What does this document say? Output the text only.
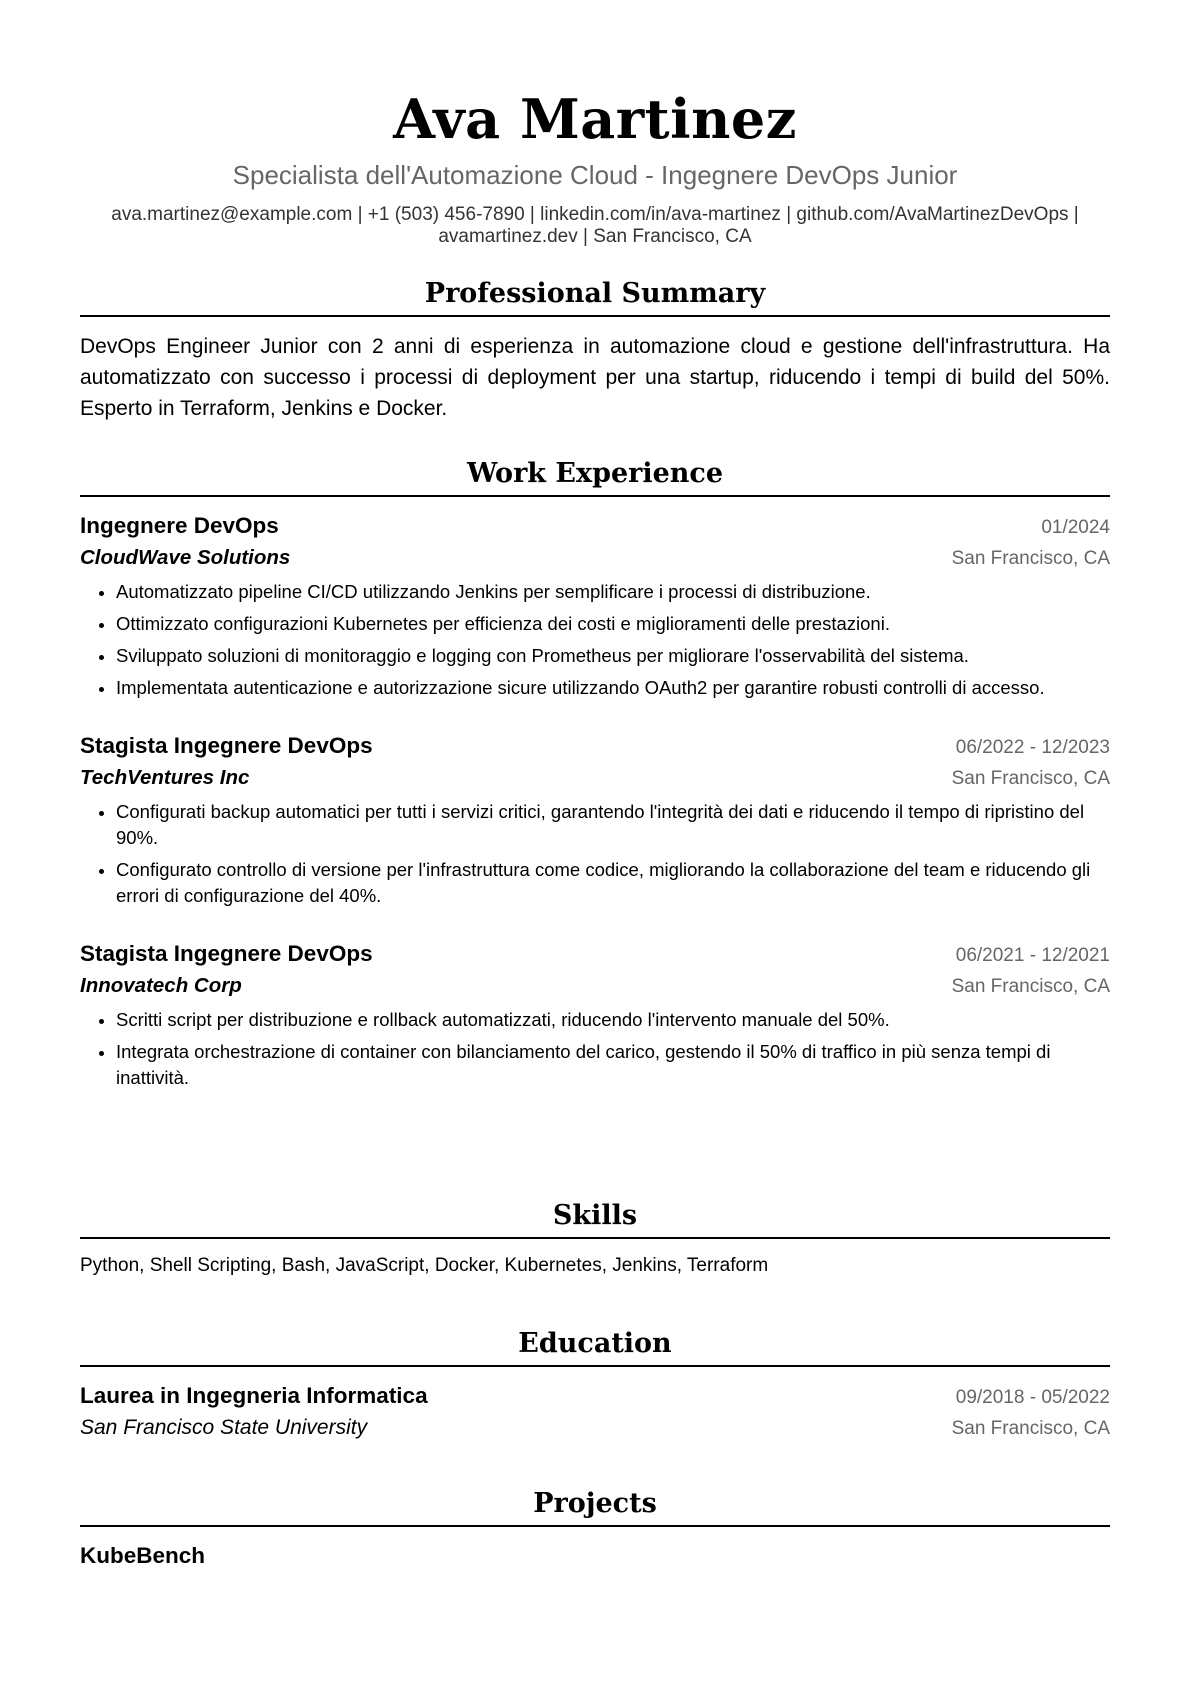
Ava Martinez
Specialista dell'Automazione Cloud - Ingegnere DevOps Junior
ava.martinez@example.com | +1 (503) 456-7890 | linkedin.com/in/ava-martinez | github.com/AvaMartinezDevOps |
avamartinez.dev | San Francisco, CA
Professional Summary
DevOps Engineer Junior con 2 anni di esperienza in automazione cloud e gestione dell'infrastruttura. Ha automatizzato con successo i processi di deployment per una startup, riducendo i tempi di build del 50%. Esperto in Terraform, Jenkins e Docker.
Work Experience
Ingegnere DevOps	01/2024
CloudWave Solutions	San Francisco, CA
• Automatizzato pipeline CI/CD utilizzando Jenkins per semplificare i processi di distribuzione.
• Ottimizzato configurazioni Kubernetes per efficienza dei costi e miglioramenti delle prestazioni.
• Sviluppato soluzioni di monitoraggio e logging con Prometheus per migliorare l'osservabilità del sistema.
• Implementata autenticazione e autorizzazione sicure utilizzando OAuth2 per garantire robusti controlli di accesso.
Stagista Ingegnere DevOps	06/2022 - 12/2023
TechVentures Inc	San Francisco, CA
• Configurati backup automatici per tutti i servizi critici, garantendo l'integrità dei dati e riducendo il tempo di ripristino del 90%.
• Configurato controllo di versione per l'infrastruttura come codice, migliorando la collaborazione del team e riducendo gli errori di configurazione del 40%.
Stagista Ingegnere DevOps	06/2021 - 12/2021
Innovatech Corp	San Francisco, CA
• Scritti script per distribuzione e rollback automatizzati, riducendo l'intervento manuale del 50%.
• Integrata orchestrazione di container con bilanciamento del carico, gestendo il 50% di traffico in più senza tempi di inattività.
Skills
Python, Shell Scripting, Bash, JavaScript, Docker, Kubernetes, Jenkins, Terraform
Education
Laurea in Ingegneria Informatica	09/2018 - 05/2022
San Francisco State University	San Francisco, CA
Projects
KubeBench
